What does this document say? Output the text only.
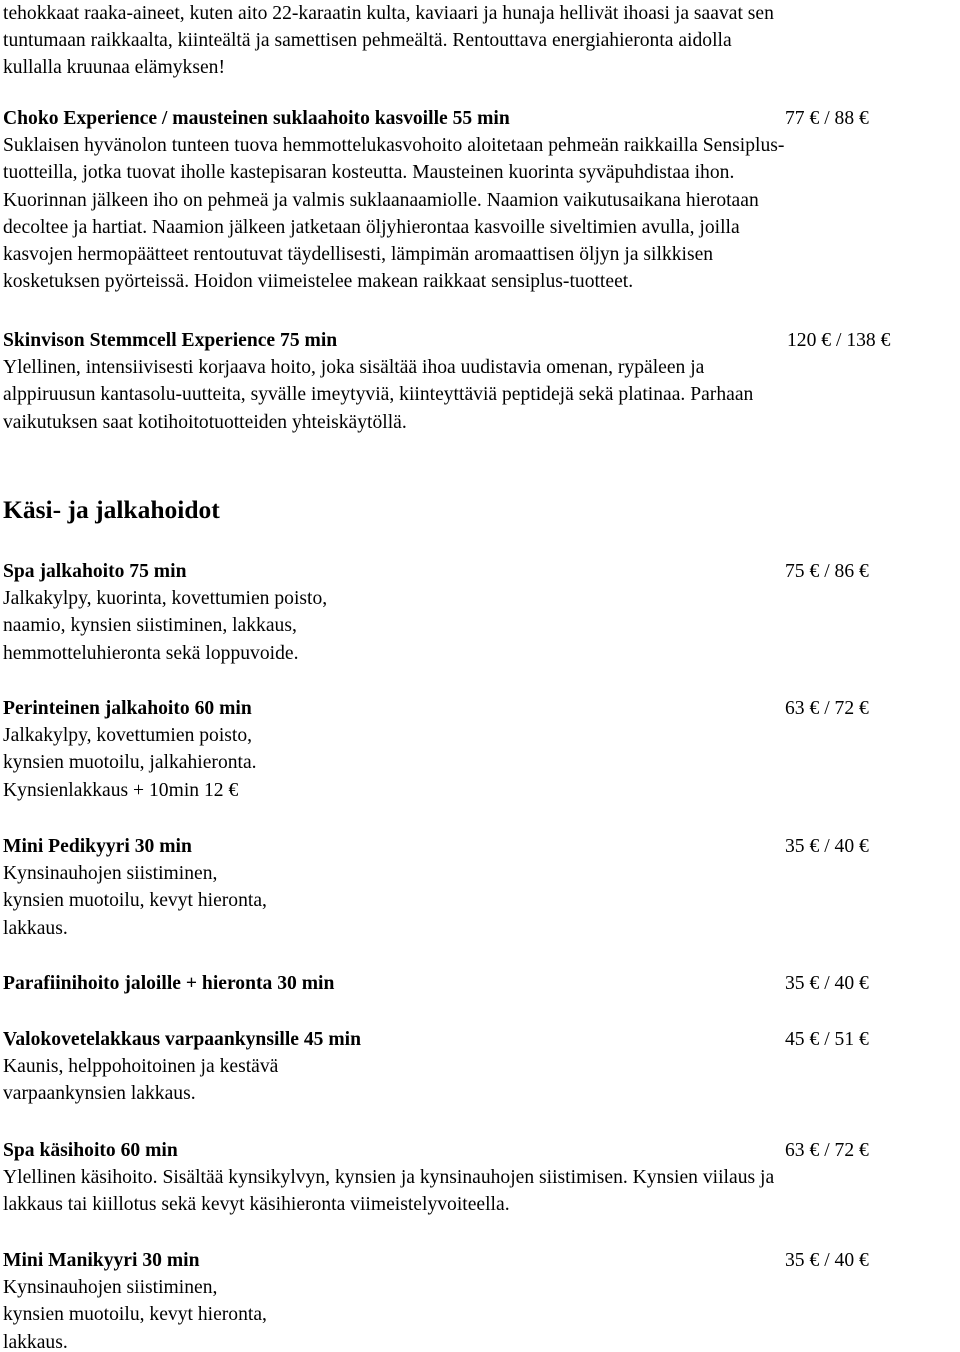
tehokkaat raaka-aineet, kuten aito 22-karaatin kulta, kaviaari ja hunaja hellivät ihoasi ja saavat sen
tuntumaan raikkaalta, kiinteältä ja samettisen pehmeältä. Rentouttava energiahieronta aidolla
kullalla kruunaa elämyksen!
Choko Experience / mausteinen suklaahoito kasvoille 55 min	77 € / 88 €
Suklaisen hyvänolon tunteen tuova hemmottelukasvohoito aloitetaan pehmeän raikkailla Sensiplus-
tuotteilla, jotka tuovat iholle kastepisaran kosteutta. Mausteinen kuorinta syväpuhdistaa ihon.
Kuorinnan jälkeen iho on pehmeä ja valmis suklaanaamiolle. Naamion vaikutusaikana hierotaan
decoltee ja hartiat. Naamion jälkeen jatketaan öljyhierontaa kasvoille siveltimien avulla, joilla
kasvojen hermopäätteet rentoutuvat täydellisesti, lämpimän aromaattisen öljyn ja silkkisen
kosketuksen pyörteissä. Hoidon viimeistelee makean raikkaat sensiplus-tuotteet.
Skinvison Stemmcell Experience 75 min	120 € / 138 €
Ylellinen, intensiivisesti korjaava hoito, joka sisältää ihoa uudistavia omenan, rypäleen ja
alppiruusun kantasolu-uutteita, syvälle imeytyviä, kiinteyttäviä peptidejä sekä platinaa. Parhaan
vaikutuksen saat kotihoitotuotteiden yhteiskäytöllä.
Käsi- ja jalkahoidot
Spa jalkahoito 75 min	75 € / 86 €
Jalkakylpy, kuorinta, kovettumien poisto,
naamio, kynsien siistiminen, lakkaus,
hemmotteluhieronta sekä loppuvoide.
Perinteinen jalkahoito 60 min	63 € / 72 €
Jalkakylpy, kovettumien poisto,
kynsien muotoilu, jalkahieronta.
Kynsienlakkaus + 10min 12 €
Mini Pedikyyri 30 min	35 € / 40 €
Kynsinauhojen siistiminen,
kynsien muotoilu, kevyt hieronta,
lakkaus.
Parafiinihoito jaloille + hieronta 30 min	35 € / 40 €
Valokovetelakkaus varpaankynsille 45 min	45 € / 51 €
Kaunis, helppohoitoinen ja kestävä
varpaankynsien lakkaus.
Spa käsihoito 60 min	63 € / 72 €
Ylellinen käsihoito. Sisältää kynsikylvyn, kynsien ja kynsinauhojen siistimisen. Kynsien viilaus ja
lakkaus tai kiillotus sekä kevyt käsihieronta viimeistelyvoiteella.
Mini Manikyyri 30 min	35 € / 40 €
Kynsinauhojen siistiminen,
kynsien muotoilu, kevyt hieronta,
lakkaus.
